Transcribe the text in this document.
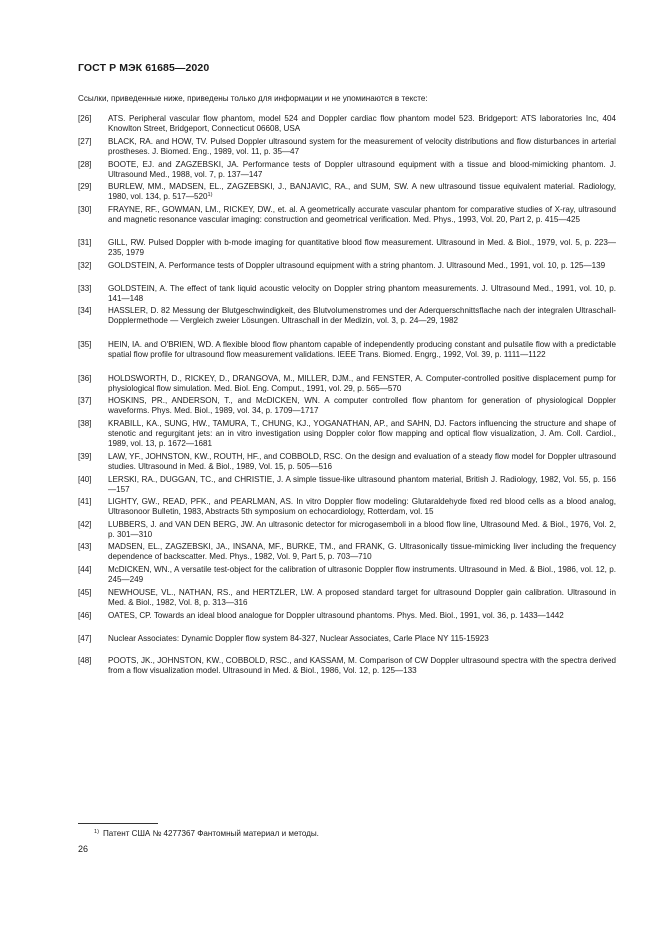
ГОСТ Р МЭК 61685—2020
Ссылки, приведенные ниже, приведены только для информации и не упоминаются в тексте:
[26] ATS. Peripheral vascular flow phantom, model 524 and Doppler cardiac flow phantom model 523. Bridgeport: ATS laboratories Inc, 404 Knowlton Street, Bridgeport, Connecticut 06608, USA
[27] BLACK, RA. and HOW, TV. Pulsed Doppler ultrasound system for the measurement of velocity distributions and flow disturbances in arterial prostheses. J. Biomed. Eng., 1989, vol. 11, p. 35—47
[28] BOOTE, EJ. and ZAGZEBSKI, JA. Performance tests of Doppler ultrasound equipment with a tissue and blood-mimicking phantom. J. Ultrasound Med., 1988, vol. 7, p. 137—147
[29] BURLEW, MM., MADSEN, EL., ZAGZEBSKI, J., BANJAVIC, RA., and SUM, SW. A new ultrasound tissue equivalent material. Radiology, 1980, vol. 134, p. 517—520$^{1)}$
[30] FRAYNE, RF., GOWMAN, LM., RICKEY, DW., et. al. A geometrically accurate vascular phantom for comparative studies of X-ray, ultrasound and magnetic resonance vascular imaging: construction and geometrical verification. Med. Phys., 1993, Vol. 20, Part 2, p. 415—425
[31] GILL, RW. Pulsed Doppler with b-mode imaging for quantitative blood flow measurement. Ultrasound in Med. & Biol., 1979, vol. 5, p. 223—235, 1979
[32] GOLDSTEIN, A. Performance tests of Doppler ultrasound equipment with a string phantom. J. Ultrasound Med., 1991, vol. 10, p. 125—139
[33] GOLDSTEIN, A. The effect of tank liquid acoustic velocity on Doppler string phantom measurements. J. Ultrasound Med., 1991, vol. 10, p. 141—148
[34] HASSLER, D. 82 Messung der Blutgeschwindigkeit, des Blutvolumenstromes und der Aderquerschnittsflache nach der integralen Ultraschall-Dopplermethode — Vergleich zweier Lösungen. Ultraschall in der Medizin, vol. 3, p. 24—29, 1982
[35] HEIN, IA. and O'BRIEN, WD. A flexible blood flow phantom capable of independently producing constant and pulsatile flow with a predictable spatial flow profile for ultrasound flow measurement validations. IEEE Trans. Biomed. Engrg., 1992, Vol. 39, p. 1111—1122
[36] HOLDSWORTH, D., RICKEY, D., DRANGOVA, M., MILLER, DJM., and FENSTER, A. Computer-controlled positive displacement pump for physiological flow simulation. Med. Biol. Eng. Comput., 1991, vol. 29, p. 565—570
[37] HOSKINS, PR., ANDERSON, T., and McDICKEN, WN. A computer controlled flow phantom for generation of physiological Doppler waveforms. Phys. Med. Biol., 1989, vol. 34, p. 1709—1717
[38] KRABILL, KA., SUNG, HW., TAMURA, T., CHUNG, KJ., YOGANATHAN, AP., and SAHN, DJ. Factors influencing the structure and shape of stenotic and regurgitant jets: an in vitro investigation using Doppler color flow mapping and optical flow visualization, J. Am. Coll. Cardiol., 1989, vol. 13, p. 1672—1681
[39] LAW, YF., JOHNSTON, KW., ROUTH, HF., and COBBOLD, RSC. On the design and evaluation of a steady flow model for Doppler ultrasound studies. Ultrasound in Med. & Biol., 1989, Vol. 15, p. 505—516
[40] LERSKI, RA., DUGGAN, TC., and CHRISTIE, J. A simple tissue-like ultrasound phantom material, British J. Radiology, 1982, Vol. 55, p. 156—157
[41] LIGHTY, GW., READ, PFK., and PEARLMAN, AS. In vitro Doppler flow modeling: Glutaraldehyde fixed red blood cells as a blood analog, Ultrasonoor Bulletin, 1983, Abstracts 5th symposium on echocardiology, Rotterdam, vol. 15
[42] LUBBERS, J. and VAN DEN BERG, JW. An ultrasonic detector for microgasemboli in a blood flow line, Ultrasound Med. & Biol., 1976, Vol. 2, p. 301—310
[43] MADSEN, EL., ZAGZEBSKI, JA., INSANA, MF., BURKE, TM., and FRANK, G. Ultrasonically tissue-mimicking liver including the frequency dependence of backscatter. Med. Phys., 1982, Vol. 9, Part 5, p. 703—710
[44] McDICKEN, WN., A versatile test-object for the calibration of ultrasonic Doppler flow instruments. Ultrasound in Med. & Biol., 1986, vol. 12, p. 245—249
[45] NEWHOUSE, VL., NATHAN, RS., and HERTZLER, LW. A proposed standard target for ultrasound Doppler gain calibration. Ultrasound in Med. & Biol., 1982, Vol. 8, p. 313—316
[46] OATES, CP. Towards an ideal blood analogue for Doppler ultrasound phantoms. Phys. Med. Biol., 1991, vol. 36, p. 1433—1442
[47] Nuclear Associates: Dynamic Doppler flow system 84-327, Nuclear Associates, Carle Place NY 115-15923
[48] POOTS, JK., JOHNSTON, KW., COBBOLD, RSC., and KASSAM, M. Comparison of CW Doppler ultrasound spectra with the spectra derived from a flow visualization model. Ultrasound in Med. & Biol., 1986, Vol. 12, p. 125—133
$^{1)}$ Патент США № 4277367 Фантомный материал и методы.
26
